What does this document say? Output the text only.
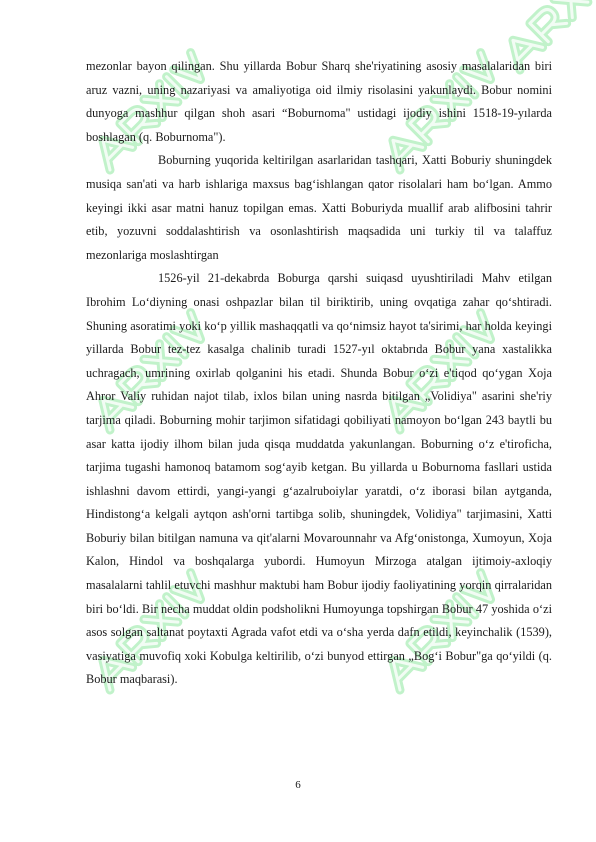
mezonlar bayon qilingan. Shu yillarda Bobur Sharq she'riyatining asosiy masalalaridan biri aruz vazni, uning nazariyasi va amaliyotiga oid ilmiy risolasini yakunlaydi. Bobur nomini dunyoga mashhur qilgan shoh asari “Boburnoma" ustidagi ijodiy ishini 1518-19-yılarda boshlagan (q. Boburnoma").

Boburning yuqorida keltirilgan asarlaridan tashqari, Xatti Boburiy shuningdek musiqa san'ati va harb ishlariga maxsus bag‘ishlangan qator risolalari ham bo‘lgan. Ammo keyingi ikki asar matni hanuz topilgan emas. Xatti Boburiyda muallif arab alifbosini tahrir etib, yozuvni soddalashtirish va osonlashtirish maqsadida uni turkiy til va talaffuz mezonlariga moslashtirgan

1526-yil 21-dekabrda Boburga qarshi suiqasd uyushtiriladi Mahv etilgan Ibrohim Lo‘diyning onasi oshpazlar bilan til biriktirib, uning ovqatiga zahar qo‘shtiradi. Shuning asoratimi yoki ko‘p yillik mashaqqatli va qo‘nimsiz hayot ta'sirimi, har holda keyingi yillarda Bobur tez-tez kasalga chalinib turadi 1527-yıl oktabrıda Bobur yana xastalikka uchragach, umrining oxirlab qolganini his etadi. Shunda Bobur o‘zi e'tiqod qo‘ygan Xoja Ahror Valiy ruhidan najot tilab, ixlos bilan uning nasrda bitilgan „Volidiya" asarini she'riy tarjima qiladi. Boburning mohir tarjimon sifatidagi qobiliyati namoyon bo‘lgan 243 baytli bu asar katta ijodiy ilhom bilan juda qisqa muddatda yakunlangan. Boburning o‘z e'tiroficha, tarjima tugashi hamonoq batamom sog‘ayib ketgan. Bu yillarda u Boburnoma fasllari ustida ishlashni davom ettirdi, yangi-yangi g‘azalruboiylar yaratdi, o‘z iborasi bilan aytganda, Hindistong‘a kelgali aytqon ash'orni tartibga solib, shuningdek, Volidiya" tarjimasini, Xatti Boburiy bilan bitilgan namuna va qit'alarni Movarounnahr va Afg‘onistonga, Xumoyun, Xoja Kalon, Hindol va boshqalarga yubordi. Humoyun Mirzoga atalgan ijtimoiy-axloqiy masalalarni tahlil etuvchi mashhur maktubi ham Bobur ijodiy faoliyatining yorqin qirralaridan biri bo‘ldi. Bir necha muddat oldin podsholikni Humoyunga topshirgan Bobur 47 yoshida o‘zi asos solgan saltanat poytaxti Agrada vafot etdi va o‘sha yerda dafn etildi, keyinchalik (1539), vasiyatiga muvofiq xoki Kobulga keltirilib, o‘zi bunyod ettirgan „Bog‘i Bobur"ga qo‘yildi (q. Bobur maqbarasi).

6
